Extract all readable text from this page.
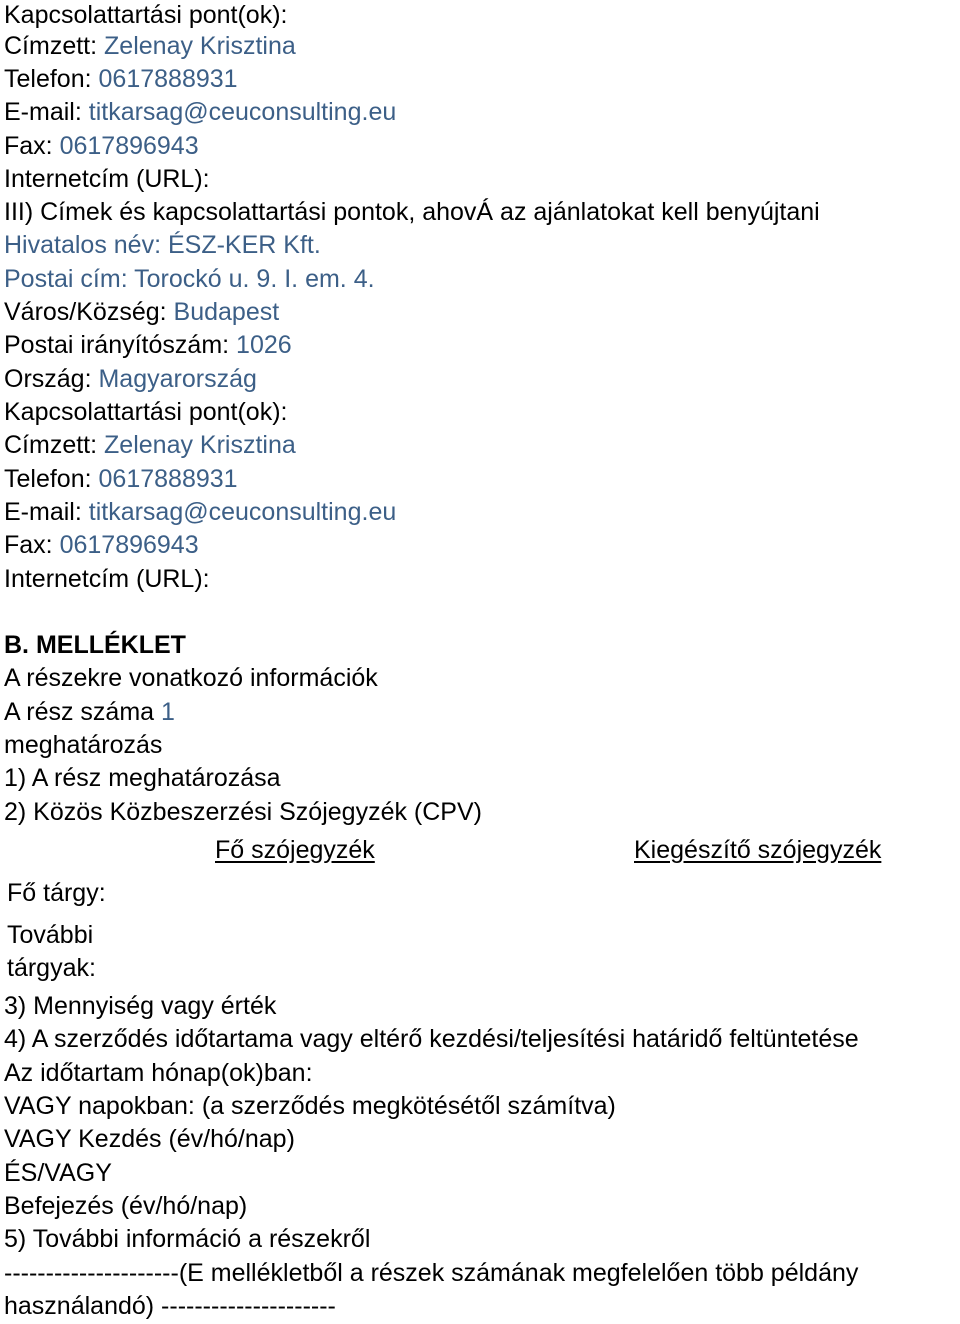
Kapcsolattartási pont(ok):
Címzett: Zelenay Krisztina
Telefon: 0617888931
E-mail: titkarsag@ceuconsulting.eu
Fax: 0617896943
Internetcím (URL):
III) Címek és kapcsolattartási pontok, ahovÁ az ajánlatokat kell benyújtani
Hivatalos név: ÉSZ-KER Kft.
Postai cím: Torockó u. 9. I. em. 4.
Város/Község: Budapest
Postai irányítószám: 1026
Ország: Magyarország
Kapcsolattartási pont(ok):
Címzett: Zelenay Krisztina
Telefon: 0617888931
E-mail: titkarsag@ceuconsulting.eu
Fax: 0617896943
Internetcím (URL):
B. MELLÉKLET
A részekre vonatkozó információk
A rész száma 1
meghatározás
1) A rész meghatározása
2) Közös Közbeszerzési Szójegyzék (CPV)
Fő szójegyzék	Kiegészítő szójegyzék
Fő tárgy:
További
tárgyak:
3) Mennyiség vagy érték
4) A szerződés időtartama vagy eltérő kezdési/teljesítési határidő feltüntetése
Az időtartam hónap(ok)ban:
VAGY napokban: (a szerződés megkötésétől számítva)
VAGY Kezdés (év/hó/nap)
ÉS/VAGY
Befejezés (év/hó/nap)
5) További információ a részekről
---------------------(E mellékletből a részek számának megfelelően több példány
használandó) ---------------------
